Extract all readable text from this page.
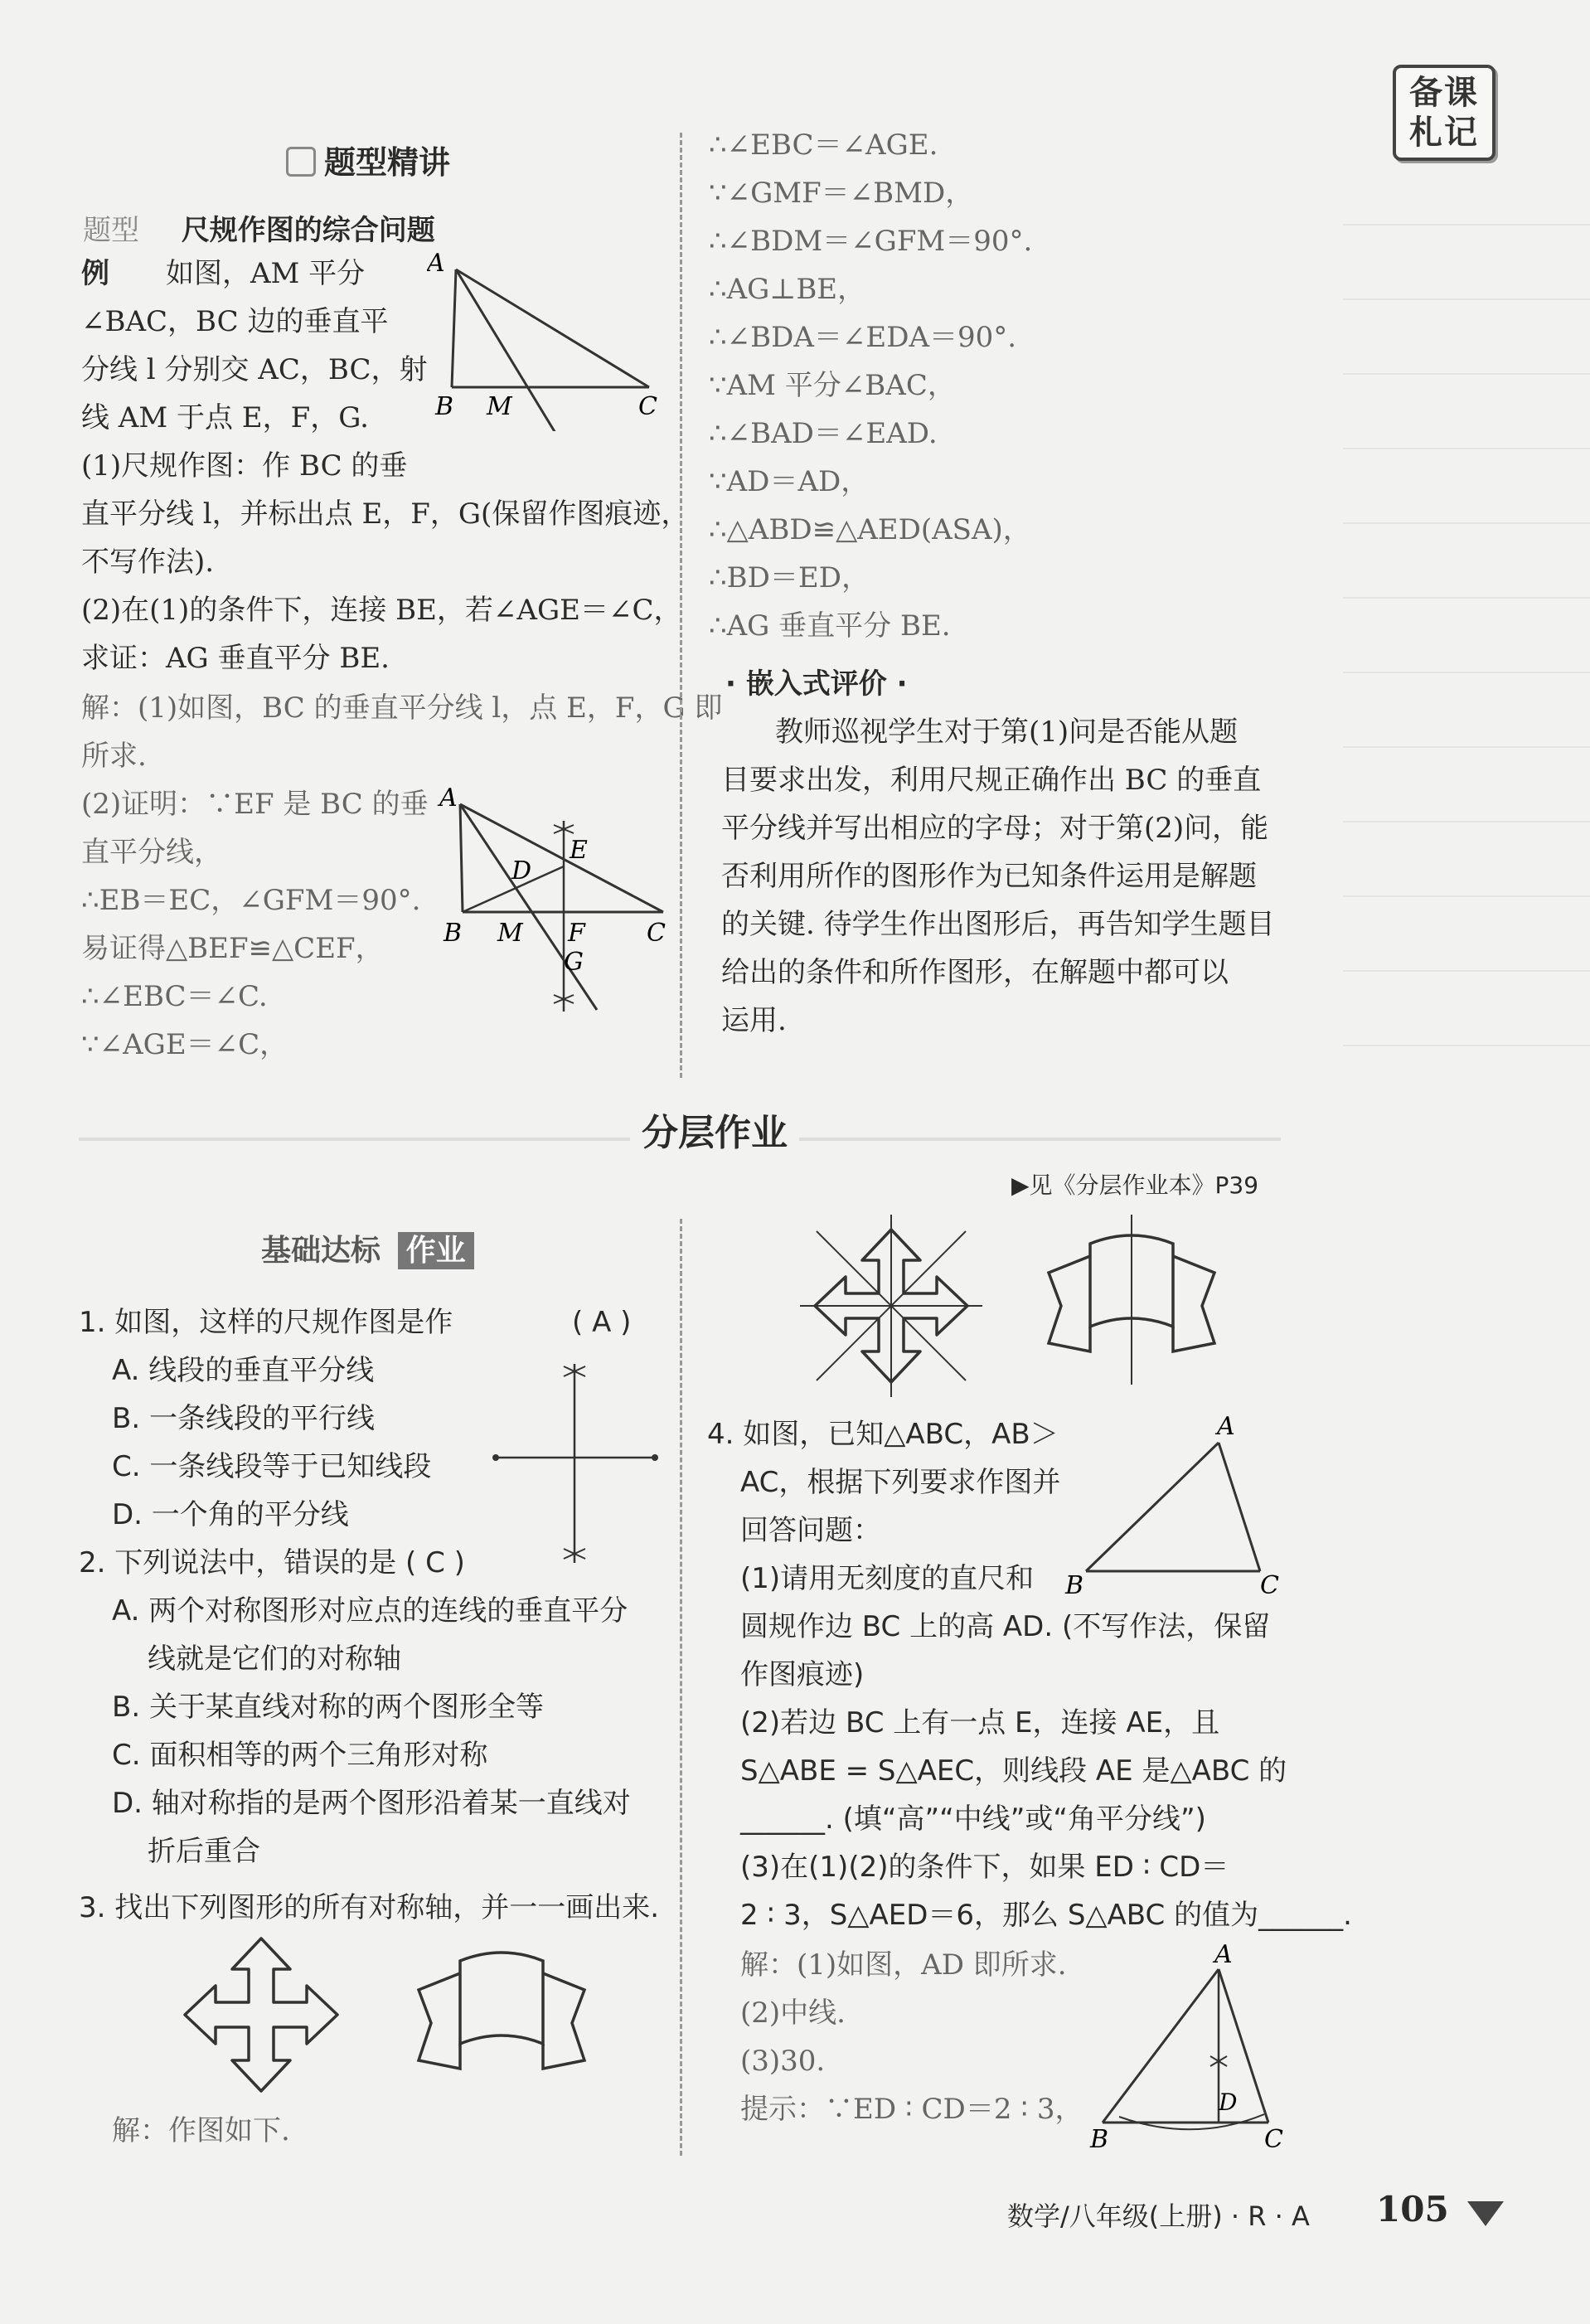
备课札记
题型精讲
题型 尺规作图的综合问题
例 如图，AM 平分
∠BAC，BC 边的垂直平
分线 l 分别交 AC，BC，射
线 AM 于点 E，F，G.
(1)尺规作图：作 BC 的垂
直平分线 l，并标出点 E，F，G(保留作图痕迹，
不写作法).
(2)在(1)的条件下，连接 BE，若∠AGE＝∠C，
求证：AG 垂直平分 BE.
A
B M	C
解：(1)如图，BC 的垂直平分线 l，点 E，F，G 即
所求.
(2)证明：∵EF 是 BC 的垂
直平分线，
∴EB＝EC，∠GFM＝90°.
易证得△BEF≌△CEF，
∴∠EBC＝∠C.
∵∠AGE＝∠C，
A
B M F C
D
E
G
∴∠EBC＝∠AGE.
∵∠GMF＝∠BMD，
∴∠BDM＝∠GFM＝90°.
∴AG⊥BE，
∴∠BDA＝∠EDA＝90°.
∵AM 平分∠BAC，
∴∠BAD＝∠EAD.
∵AD＝AD，
∴△ABD≌△AED(ASA)，
∴BD＝ED，
∴AG 垂直平分 BE.
· 嵌入式评价 ·
教师巡视学生对于第(1)问是否能从题
目要求出发，利用尺规正确作出 BC 的垂直
平分线并写出相应的字母；对于第(2)问，能
否利用所作的图形作为已知条件运用是解题
的关键. 待学生作出图形后，再告知学生题目
给出的条件和所作图形，在解题中都可以
运用.
分层作业
▶见《分层作业本》P39
基础达标 作业
1. 如图，这样的尺规作图是作	( A )
A. 线段的垂直平分线
B. 一条线段的平行线
C. 一条线段等于已知线段
D. 一个角的平分线
2. 下列说法中，错误的是 ( C )
A. 两个对称图形对应点的连线的垂直平分
线就是它们的对称轴
B. 关于某直线对称的两个图形全等
C. 面积相等的两个三角形对称
D. 轴对称指的是两个图形沿着某一直线对
折后重合
3. 找出下列图形的所有对称轴，并一一画出来.
解：作图如下.
4. 如图，已知△ABC，AB＞
AC，根据下列要求作图并
回答问题：
(1)请用无刻度的直尺和
圆规作边 BC 上的高 AD. (不写作法，保留
作图痕迹)
(2)若边 BC 上有一点 E，连接 AE，且
S△ABE = S△AEC，则线段 AE 是△ABC 的
______. (填“高”“中线”或“角平分线”)
(3)在(1)(2)的条件下，如果 ED ∶ CD＝
2 ∶ 3，S△AED＝6，那么 S△ABC 的值为______.
A
B	C
解：(1)如图，AD 即所求.
(2)中线.
(3)30.
提示：∵ED ∶ CD＝2 ∶ 3，
A
B	C
D
数学/八年级(上册) · R · A 105
